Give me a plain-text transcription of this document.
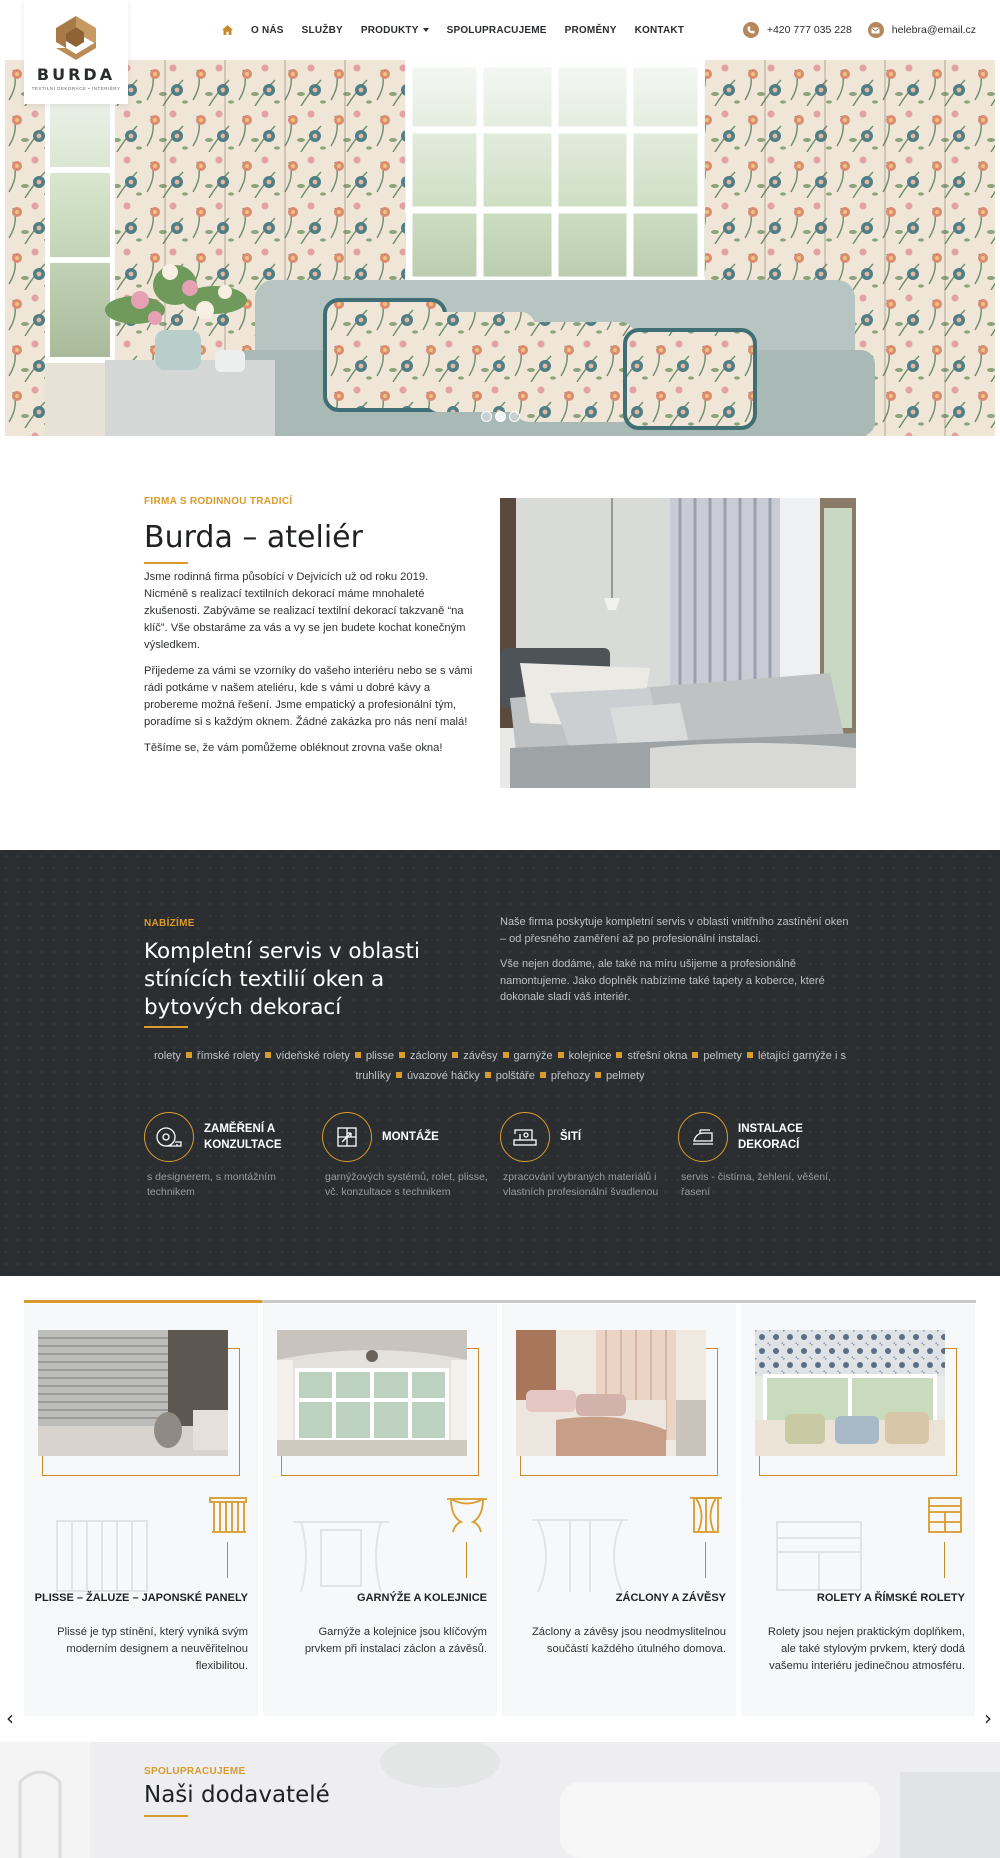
BURDA
TEXTILNÍ DEKORACE • INTERIÉRY
O NÁS SLUŽBY PRODUKTY	SPOLUPRACUJEME PROMĚNY KONTAKT	+420 777 035 228	helebra@email.cz
FIRMA S RODINNOU TRADICÍ
Burda – ateliér

Jsme rodinná firma působící v Dejvicích už od roku 2019. Nicméně s realizací textilních dekorací máme mnohaleté zkušenosti. Zabýváme se realizací textilní dekorací takzvaně “na klíč”. Vše obstaráme za vás a vy se jen budete kochat konečným výsledkem.

Přijedeme za vámi se vzorníky do vašeho interiéru nebo se s vámi rádi potkáme v našem ateliéru, kde s vámi u dobré kávy a probereme možná řešení. Jsme empatický a profesionální tým, poradíme si s každým oknem. Žádné zakázka pro nás není malá!

Těšíme se, že vám pomůžeme obléknout zrovna vaše okna!

NABÍZÍME
Kompletní servis v oblasti stínících textilií oken a bytových dekorací

Naše firma poskytuje kompletní servis v oblasti vnitřního zastínění oken – od přesného zaměření až po profesionální instalaci.

Vše nejen dodáme, ale také na míru ušijeme a profesionálně namontujeme. Jako doplněk nabízíme také tapety a koberce, které dokonale sladí váš interiér.

rolety římské rolety vídeňské rolety plisse záclony závěsy garnýže kolejnice střešní okna pelmety létající garnýže i s truhlíky úvazové háčky polštáře přehozy pelmety
ZAMĚŘENÍ A KONZULTACE
s designerem, s montážním technikem
MONTÁŽE
garnýžových systémů, rolet, plisse, vč. konzultace s technikem
ŠITÍ
zpracování vybraných materiálů i vlastních profesionální švadlenou
INSTALACE DEKORACÍ
servis - čistírna, žehlení, věšení, řasení
PLISSE – ŽALUZE – JAPONSKÉ PANELY
Plissé je typ stínění, který vyniká svým moderním designem a neuvěřitelnou flexibilitou.
GARNÝŽE A KOLEJNICE
Garnýže a kolejnice jsou klíčovým prvkem při instalaci záclon a závěsů.
ZÁCLONY A ZÁVĚSY
Záclony a závěsy jsou neodmyslitelnou součástí každého útulného domova.
ROLETY A ŘÍMSKÉ ROLETY
Rolety jsou nejen praktickým doplňkem, ale také stylovým prvkem, který dodá vašemu interiéru jedinečnou atmosféru.
‹	›
SPOLUPRACUJEME
Naši dodavatelé
